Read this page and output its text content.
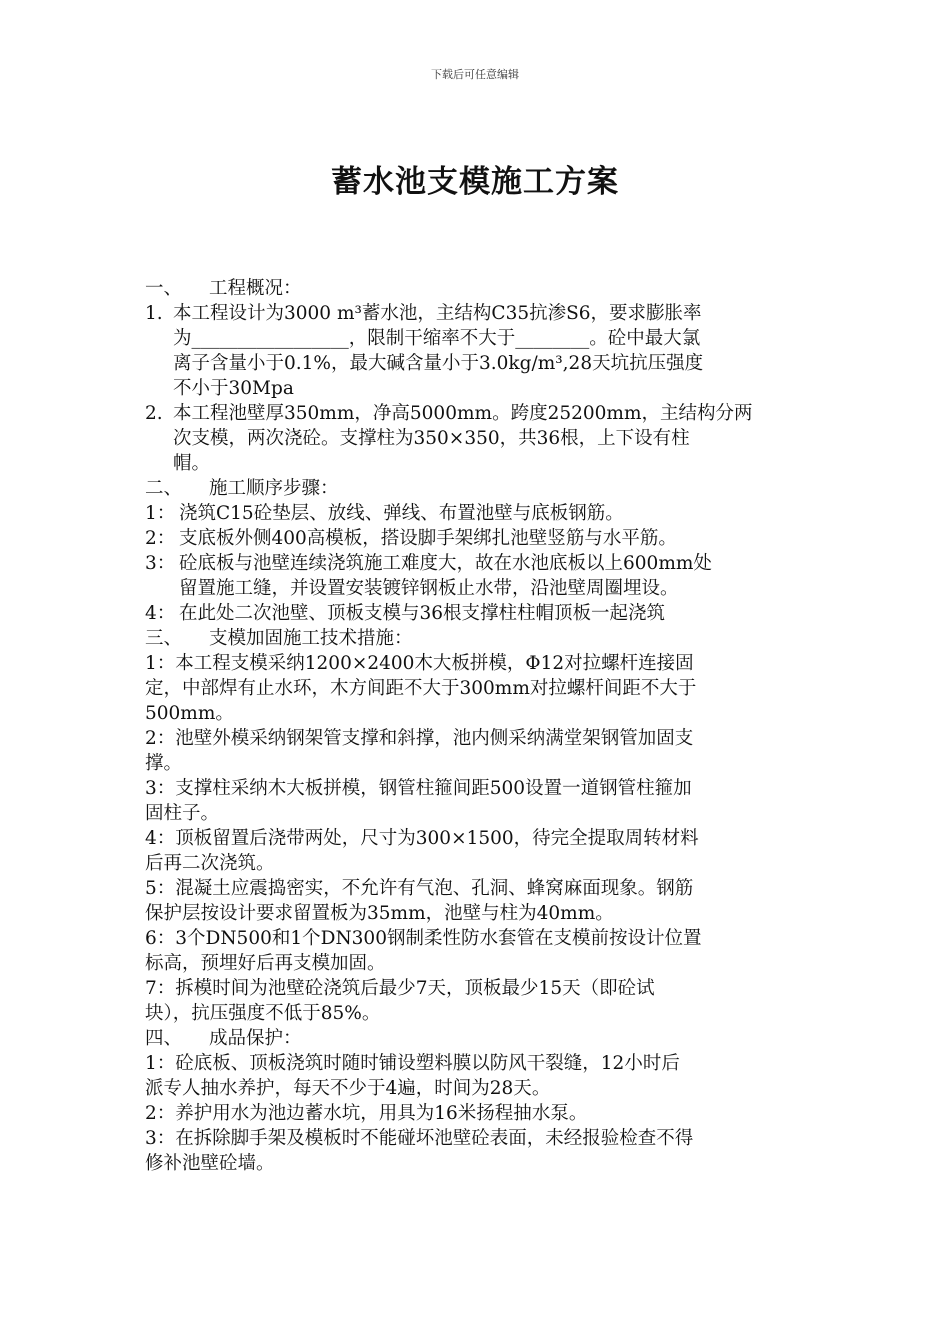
下载后可任意编辑
蓄水池支模施工方案
一、	工程概况：
1. 本工程设计为3000 m³蓄水池，主结构C35抗渗S6，要求膨胀率
为_________________，限制干缩率不大于________。砼中最大氯
离子含量小于0.1%，最大碱含量小于3.0kg/m³,28天坑抗压强度
不小于30Mpa
2. 本工程池壁厚350mm，净高5000mm。跨度25200mm，主结构分两
次支模，两次浇砼。支撑柱为350×350，共36根，上下设有柱
帽。
二、	施工顺序步骤：
1： 浇筑C15砼垫层、放线、弹线、布置池壁与底板钢筋。
2： 支底板外侧400高模板，搭设脚手架绑扎池壁竖筋与水平筋。
3： 砼底板与池壁连续浇筑施工难度大，故在水池底板以上600mm处
留置施工缝，并设置安装镀锌钢板止水带，沿池壁周圈埋设。
4： 在此处二次池壁、顶板支模与36根支撑柱柱帽顶板一起浇筑
三、	支模加固施工技术措施：
1：本工程支模采纳1200×2400木大板拼模，Φ12对拉螺杆连接固
定，中部焊有止水环，木方间距不大于300mm对拉螺杆间距不大于
500mm。
2：池壁外模采纳钢架管支撑和斜撑，池内侧采纳满堂架钢管加固支
撑。
3：支撑柱采纳木大板拼模，钢管柱箍间距500设置一道钢管柱箍加
固柱子。
4：顶板留置后浇带两处，尺寸为300×1500，待完全提取周转材料
后再二次浇筑。
5：混凝土应震捣密实，不允许有气泡、孔洞、蜂窝麻面现象。钢筋
保护层按设计要求留置板为35mm，池壁与柱为40mm。
6：3个DN500和1个DN300钢制柔性防水套管在支模前按设计位置
标高，预埋好后再支模加固。
7：拆模时间为池壁砼浇筑后最少7天，顶板最少15天（即砼试
块），抗压强度不低于85%。
四、	成品保护：
1：砼底板、顶板浇筑时随时铺设塑料膜以防风干裂缝，12小时后
派专人抽水养护，每天不少于4遍，时间为28天。
2：养护用水为池边蓄水坑，用具为16米扬程抽水泵。
3：在拆除脚手架及模板时不能碰坏池壁砼表面，未经报验检查不得
修补池壁砼墙。
